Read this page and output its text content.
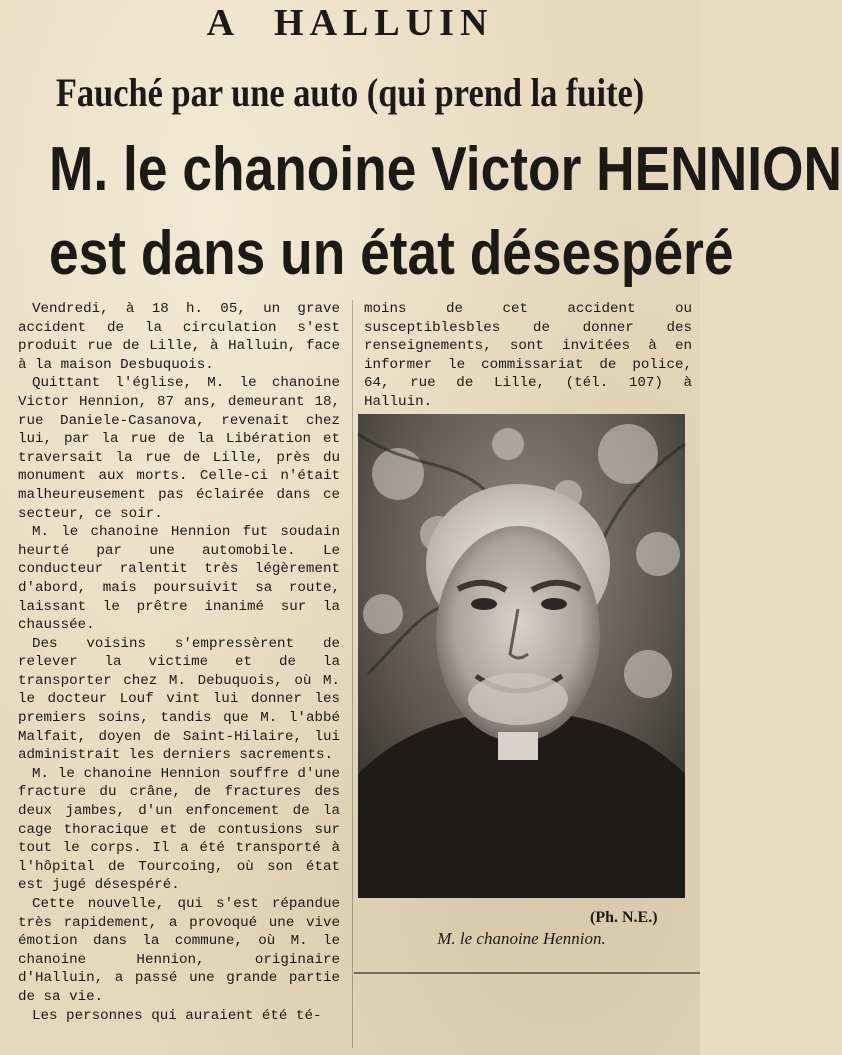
A HALLUIN
Fauché par une auto (qui prend la fuite)
M. le chanoine Victor HENNION
est dans un état désespéré

Vendredi, à 18 h. 05, un grave accident de la circulation s'est produit rue de Lille, à Halluin, face à la maison Desbuquois.

Quittant l'église, M. le chanoine Victor Hennion, 87 ans, demeurant 18, rue Daniele-Casanova, revenait chez lui, par la rue de la Libération et traversait la rue de Lille, près du monument aux morts. Celle-ci n'était malheureusement pas éclairée dans ce secteur, ce soir.

M. le chanoine Hennion fut soudain heurté par une automobile. Le conducteur ralentit très légèrement d'abord, mais poursuivit sa route, laissant le prêtre inanimé sur la chaussée.

Des voisins s'empressèrent de relever la victime et de la transporter chez M. Debuquois, où M. le docteur Louf vint lui donner les premiers soins, tandis que M. l'abbé Malfait, doyen de Saint-Hilaire, lui administrait les derniers sacrements.

M. le chanoine Hennion souffre d'une fracture du crâne, de fractures des deux jambes, d'un enfoncement de la cage thoracique et de contusions sur tout le corps. Il a été transporté à l'hôpital de Tourcoing, où son état est jugé désespéré.

Cette nouvelle, qui s'est répandue très rapidement, a provoqué une vive émotion dans la commune, où M. le chanoine Hennion, originaire d'Halluin, a passé une grande partie de sa vie.

Les personnes qui auraient été té-

moins de cet accident ou susceptiblesbles de donner des renseignements, sont invitées à en informer le commissariat de police, 64, rue de Lille, (tél. 107) à Halluin.

(Ph. N.E.)
M. le chanoine Hennion.
